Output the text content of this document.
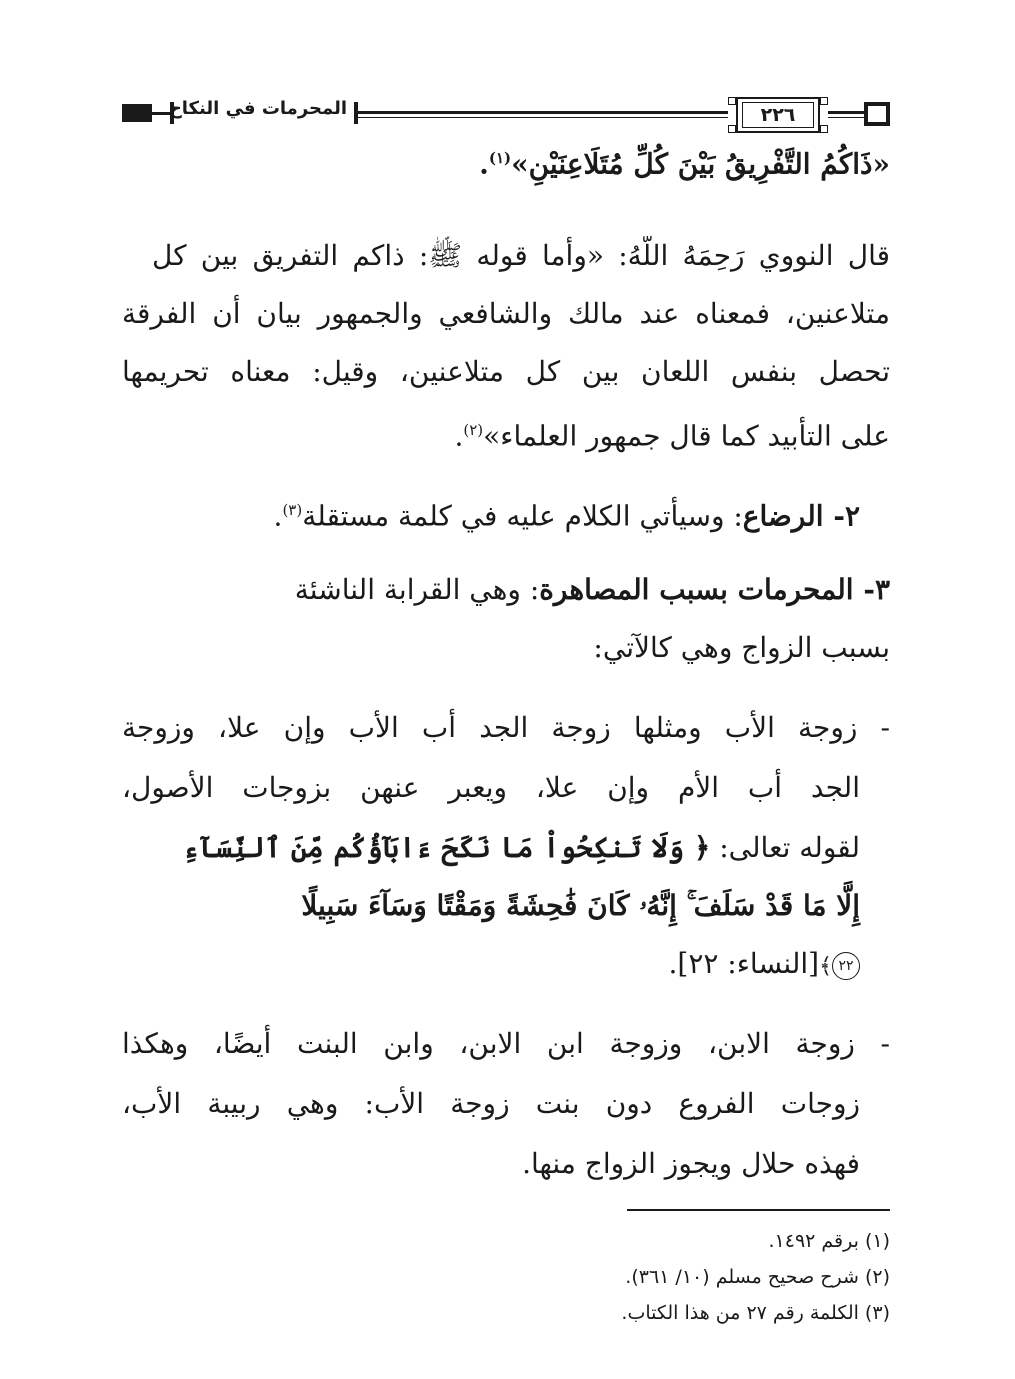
المحرمات في النكاح	٢٢٦
«ذَاكُمُ التَّفْرِيقُ بَيْنَ كُلِّ مُتَلَاعِنَيْنِ»$^{(١)}$.
قال النووي رَحِمَهُ اللَّهُ: «وأما قوله ﷺ: ذاكم التفريق بين كل
متلاعنين، فمعناه عند مالك والشافعي والجمهور بيان أن الفرقة
تحصل بنفس اللعان بين كل متلاعنين، وقيل: معناه تحريمها
على التأبيد كما قال جمهور العلماء»$^{(٢)}$.
٢- الرضاع: وسيأتي الكلام عليه في كلمة مستقلة$^{(٣)}$.
٣- المحرمات بسبب المصاهرة: وهي القرابة الناشئة
بسبب الزواج وهي كالآتي:
- زوجة الأب ومثلها زوجة الجد أب الأب وإن علا، وزوجة
الجد أب الأم وإن علا، ويعبر عنهن بزوجات الأصول،
لقوله تعالى: ﴿ وَلَا تَنكِحُواْ مَا نَكَحَ ءَابَآؤُكُم مِّنَ ٱلنِّسَآءِ
إِلَّا مَا قَدْ سَلَفَ ۚ إِنَّهُۥ كَانَ فَٰحِشَةً وَمَقْتًا وَسَآءَ سَبِيلًا
٢٢﴾[النساء: ٢٢].
- زوجة الابن، وزوجة ابن الابن، وابن البنت أيضًا، وهكذا
زوجات الفروع دون بنت زوجة الأب: وهي ربيبة الأب،
فهذه حلال ويجوز الزواج منها.
(١) برقم ١٤٩٢.
(٢) شرح صحيح مسلم (١٠/ ٣٦١).
(٣) الكلمة رقم ٢٧ من هذا الكتاب.
